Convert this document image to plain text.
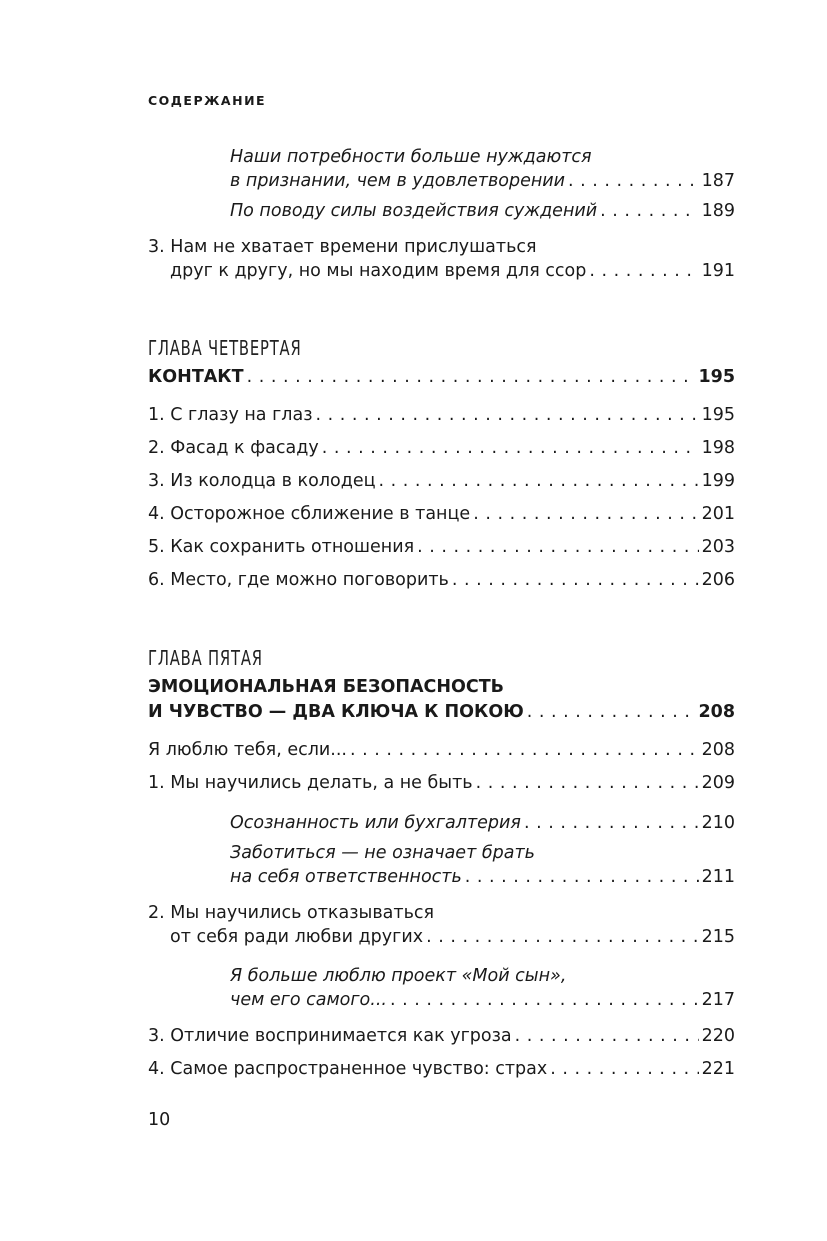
СОДЕРЖАНИЕ
Наши потребности больше нуждаются
в признании, чем в удовлетворении . . .	187
По поводу силы воздействия суждений . . .	189
3. Нам не хватает времени прислушаться
друг к другу, но мы находим время для ссор . . .	191
ГЛАВА ЧЕТВЕРТАЯ
КОНТАКТ . . .	195
1. С глазу на глаз . . .	195
2. Фасад к фасаду . . .	198
3. Из колодца в колодец . . .	199
4. Осторожное сближение в танце . . .	201
5. Как сохранить отношения . . .	203
6. Место, где можно поговорить . . .	206
ГЛАВА ПЯТАЯ
ЭМОЦИОНАЛЬНАЯ БЕЗОПАСНОСТЬ
И ЧУВСТВО — ДВА КЛЮЧА К ПОКОЮ . . .	208
Я люблю тебя, если... . . .	208
1. Мы научились делать, а не быть . . .	209
Осознанность или бухгалтерия . . .	210
Заботиться — не означает брать
на себя ответственность . . .	211
2. Мы научились отказываться
от себя ради любви других . . .	215
Я больше люблю проект «Мой сын»,
чем его самого... . . .	217
3. Отличие воспринимается как угроза . . .	220
4. Самое распространенное чувство: страх . . .	221
10
